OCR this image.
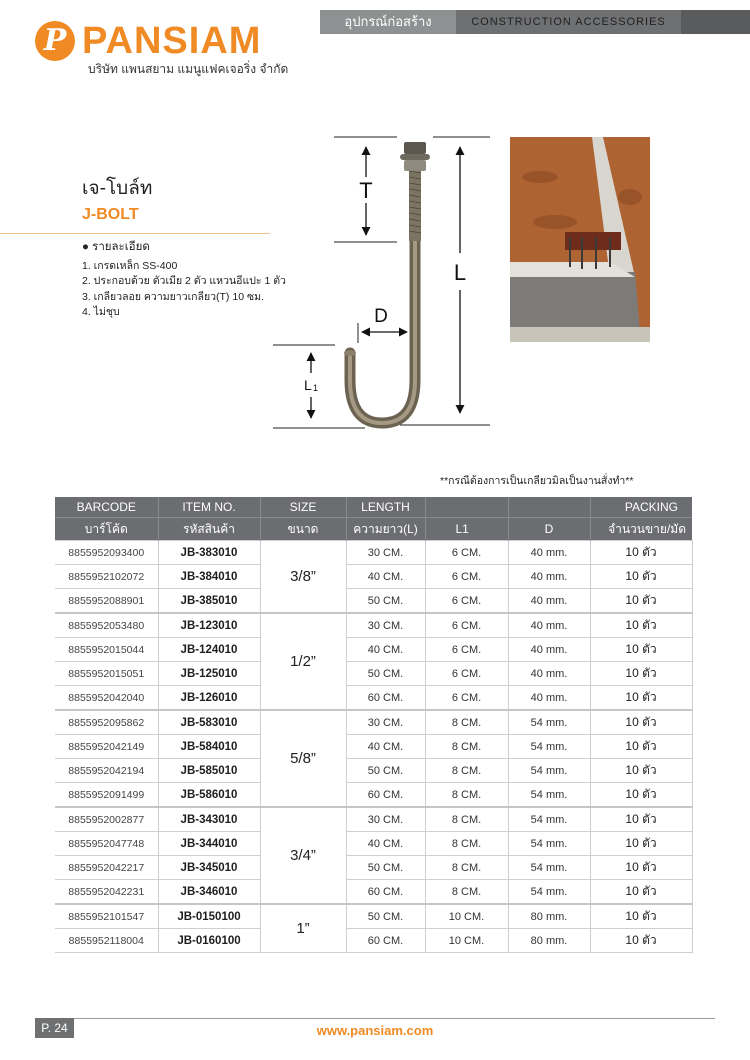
P PANSIAM
บริษัท แพนสยาม แมนูแฟคเจอริ่ง จำกัด
อุปกรณ์ก่อสร้าง	CONSTRUCTION ACCESSORIES
เจ-โบล์ท
J-BOLT
● รายละเอียด
1. เกรดเหล็ก SS-400
2. ประกอบด้วย ตัวเมีย 2 ตัว แหวนอีแปะ 1 ตัว
3. เกลียวลอย ความยาวเกลียว(T) 10 ซม.
4. ไม่ชุบ
T
L
D
L 1
**กรณีต้องการเป็นเกลียวมิลเป็นงานสั่งทำ**
BARCODE	ITEM NO.	SIZE	LENGTH			PACKING
บาร์โค้ด	รหัสสินค้า	ขนาด	ความยาว(L)	L1	D	จำนวนขาย/มัด
8855952093400	JB-383010	3/8”	30 CM.	6 CM.	40 mm.	10 ตัว
8855952102072	JB-384010		40 CM.	6 CM.	40 mm.	10 ตัว
8855952088901	JB-385010		50 CM.	6 CM.	40 mm.	10 ตัว
8855952053480	JB-123010	1/2”	30 CM.	6 CM.	40 mm.	10 ตัว
8855952015044	JB-124010		40 CM.	6 CM.	40 mm.	10 ตัว
8855952015051	JB-125010		50 CM.	6 CM.	40 mm.	10 ตัว
8855952042040	JB-126010		60 CM.	6 CM.	40 mm.	10 ตัว
8855952095862	JB-583010	5/8”	30 CM.	8 CM.	54 mm.	10 ตัว
8855952042149	JB-584010		40 CM.	8 CM.	54 mm.	10 ตัว
8855952042194	JB-585010		50 CM.	8 CM.	54 mm.	10 ตัว
8855952091499	JB-586010		60 CM.	8 CM.	54 mm.	10 ตัว
8855952002877	JB-343010	3/4”	30 CM.	8 CM.	54 mm.	10 ตัว
8855952047748	JB-344010		40 CM.	8 CM.	54 mm.	10 ตัว
8855952042217	JB-345010		50 CM.	8 CM.	54 mm.	10 ตัว
8855952042231	JB-346010		60 CM.	8 CM.	54 mm.	10 ตัว
8855952101547	JB-0150100	1”	50 CM.	10 CM.	80 mm.	10 ตัว
8855952118004	JB-0160100		60 CM.	10 CM.	80 mm.	10 ตัว
P. 24	www.pansiam.com
